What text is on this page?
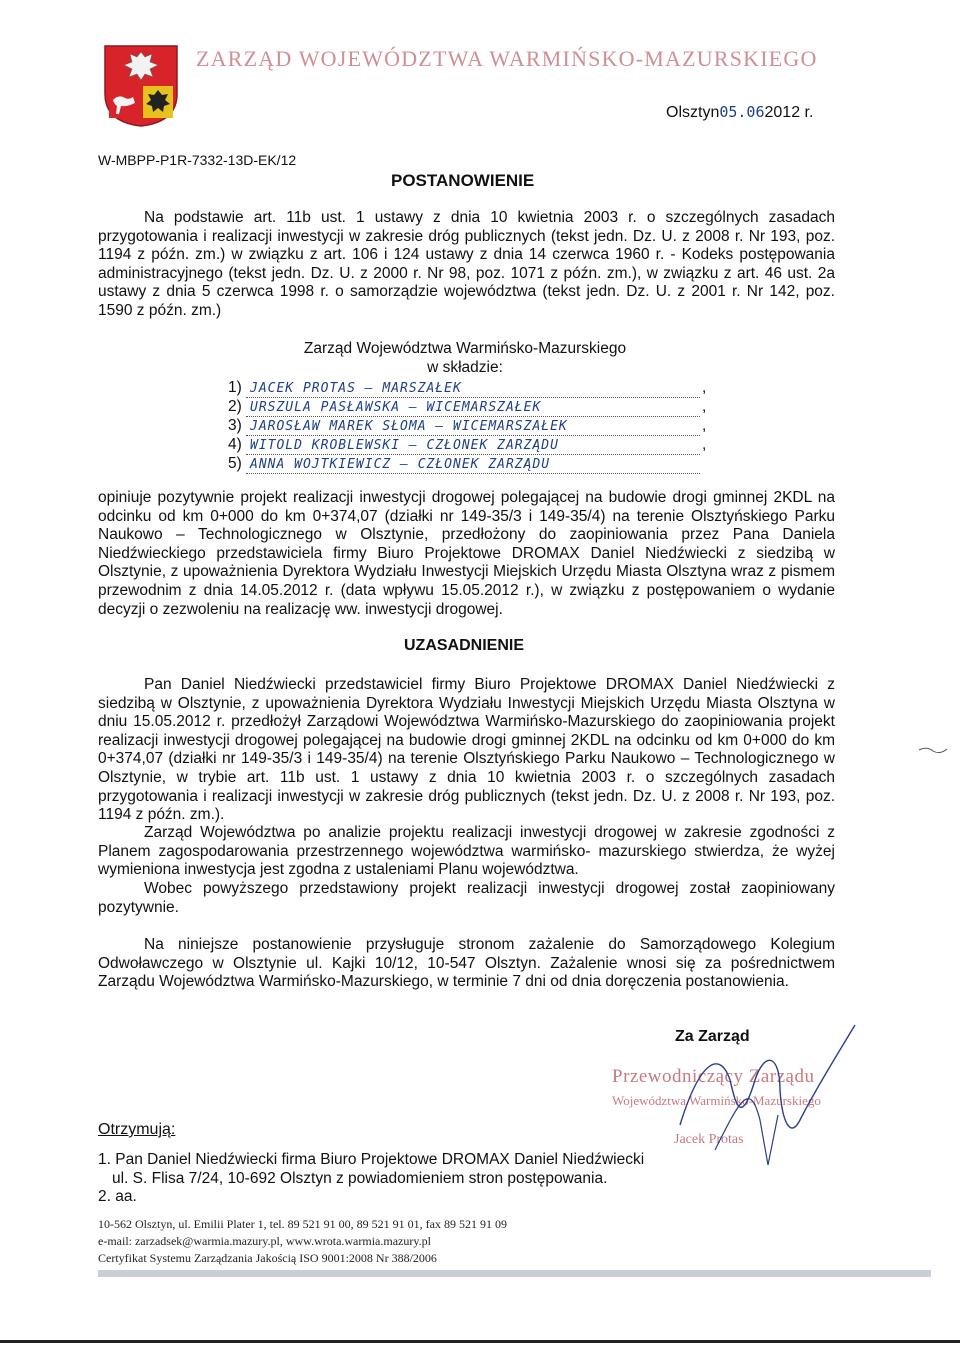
ZARZĄD WOJEWÓDZTWA WARMIŃSKO-MAZURSKIEGO
Olsztyn05.062012 r.
W-MBPP-P1R-7332-13D-EK/12
POSTANOWIENIE
Na podstawie art. 11b ust. 1 ustawy z dnia 10 kwietnia 2003 r. o szczególnych zasadach przygotowania i realizacji inwestycji w zakresie dróg publicznych (tekst jedn. Dz. U. z 2008 r. Nr 193, poz. 1194 z późn. zm.) w związku z art. 106 i 124 ustawy z dnia 14 czerwca 1960 r. - Kodeks postępowania administracyjnego (tekst jedn. Dz. U. z 2000 r. Nr 98, poz. 1071 z późn. zm.), w związku z art. 46 ust. 2a ustawy z dnia 5 czerwca 1998 r. o samorządzie województwa (tekst jedn. Dz. U. z 2001 r. Nr 142, poz. 1590 z późn. zm.)
Zarząd Województwa Warmińsko-Mazurskiego
w składzie:
1) JACEK PROTAS – MARSZAŁEK	,
2) URSZULA PASŁAWSKA – WICEMARSZAŁEK	,
3) JAROSŁAW MAREK SŁOMA – WICEMARSZAŁEK	,
4) WITOLD KROBLEWSKI – CZŁONEK ZARZĄDU	,
5) ANNA WOJTKIEWICZ – CZŁONEK ZARZĄDU
opiniuje pozytywnie projekt realizacji inwestycji drogowej polegającej na budowie drogi gminnej 2KDL na odcinku od km 0+000 do km 0+374,07 (działki nr 149-35/3 i 149-35/4) na terenie Olsztyńskiego Parku Naukowo – Technologicznego w Olsztynie, przedłożony do zaopiniowania przez Pana Daniela Niedźwieckiego przedstawiciela firmy Biuro Projektowe DROMAX Daniel Niedźwiecki z siedzibą w Olsztynie, z upoważnienia Dyrektora Wydziału Inwestycji Miejskich Urzędu Miasta Olsztyna wraz z pismem przewodnim z dnia 14.05.2012 r. (data wpływu 15.05.2012 r.), w związku z postępowaniem o wydanie decyzji o zezwoleniu na realizację ww. inwestycji drogowej.
UZASADNIENIE
Pan Daniel Niedźwiecki przedstawiciel firmy Biuro Projektowe DROMAX Daniel Niedźwiecki z siedzibą w Olsztynie, z upoważnienia Dyrektora Wydziału Inwestycji Miejskich Urzędu Miasta Olsztyna w dniu 15.05.2012 r. przedłożył Zarządowi Województwa Warmińsko-Mazurskiego do zaopiniowania projekt realizacji inwestycji drogowej polegającej na budowie drogi gminnej 2KDL na odcinku od km 0+000 do km 0+374,07 (działki nr 149-35/3 i 149-35/4) na terenie Olsztyńskiego Parku Naukowo – Technologicznego w Olsztynie, w trybie art. 11b ust. 1 ustawy z dnia 10 kwietnia 2003 r. o szczególnych zasadach przygotowania i realizacji inwestycji w zakresie dróg publicznych (tekst jedn. Dz. U. z 2008 r. Nr 193, poz. 1194 z późn. zm.).
Zarząd Województwa po analizie projektu realizacji inwestycji drogowej w zakresie zgodności z Planem zagospodarowania przestrzennego województwa warmińsko- mazurskiego stwierdza, że wyżej wymieniona inwestycja jest zgodna z ustaleniami Planu województwa.
Wobec powyższego przedstawiony projekt realizacji inwestycji drogowej został zaopiniowany pozytywnie.
Na niniejsze postanowienie przysługuje stronom zażalenie do Samorządowego Kolegium Odwoławczego w Olsztynie ul. Kajki 10/12, 10-547 Olsztyn. Zażalenie wnosi się za pośrednictwem Zarządu Województwa Warmińsko-Mazurskiego, w terminie 7 dni od dnia doręczenia postanowienia.
Za Zarząd
Przewodniczący Zarządu
Województwa Warmińsko-Mazurskiego
Jacek Protas
Otrzymują:
1. Pan Daniel Niedźwiecki firma Biuro Projektowe DROMAX Daniel Niedźwiecki
ul. S. Flisa 7/24, 10-692 Olsztyn z powiadomieniem stron postępowania.
2. aa.
10-562 Olsztyn, ul. Emilii Plater 1, tel. 89 521 91 00, 89 521 91 01, fax 89 521 91 09
e-mail: zarzadsek@warmia.mazury.pl, www.wrota.warmia.mazury.pl
Certyfikat Systemu Zarządzania Jakością ISO 9001:2008 Nr 388/2006
